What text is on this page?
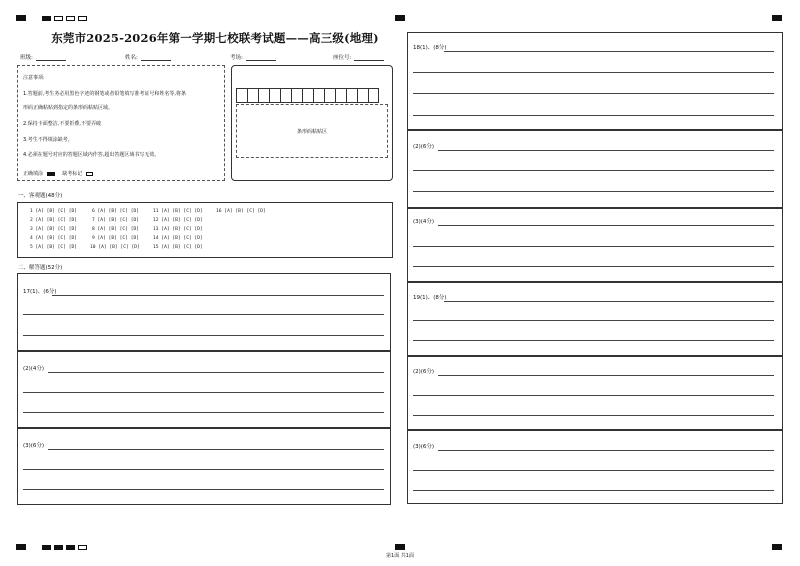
东莞市2025-2026年第一学期七校联考试题——高三级(地理)
班级:	姓名:	考场:	座位号:
注意事项:
1.答题前,考生务必用黑色字迹的钢笔或者铅笔填写准考证号和姓名等,将条
形码正确粘贴到指定的条形码粘贴区域。
2.保持卡面整洁,不要折叠,不要弄破
3.考生不得填涂缺考。
4.必须在题号对应的答题区域内作答,超出答题区域书写无效。
正确填涂	缺考标记
条形码粘贴区
一、客观题(48分)
1 [A] [B] [C] [D]
2 [A] [B] [C] [D]
3 [A] [B] [C] [D]
4 [A] [B] [C] [D]
5 [A] [B] [C] [D]
6 [A] [B] [C] [D]
7 [A] [B] [C] [D]
8 [A] [B] [C] [D]
9 [A] [B] [C] [D]
10 [A] [B] [C] [D]
11 [A] [B] [C] [D]
12 [A] [B] [C] [D]
13 [A] [B] [C] [D]
14 [A] [B] [C] [D]
15 [A] [B] [C] [D]
16 [A] [B] [C] [D]
二、解答题(52分)
17(1)、(6分)
(2)(4分)
(3)(6分)
18(1)、(8分)
(2)(6分)
(3)(4分)
19(1)、(8分)
(2)(6分)
(3)(6分)
第1面 共1面
